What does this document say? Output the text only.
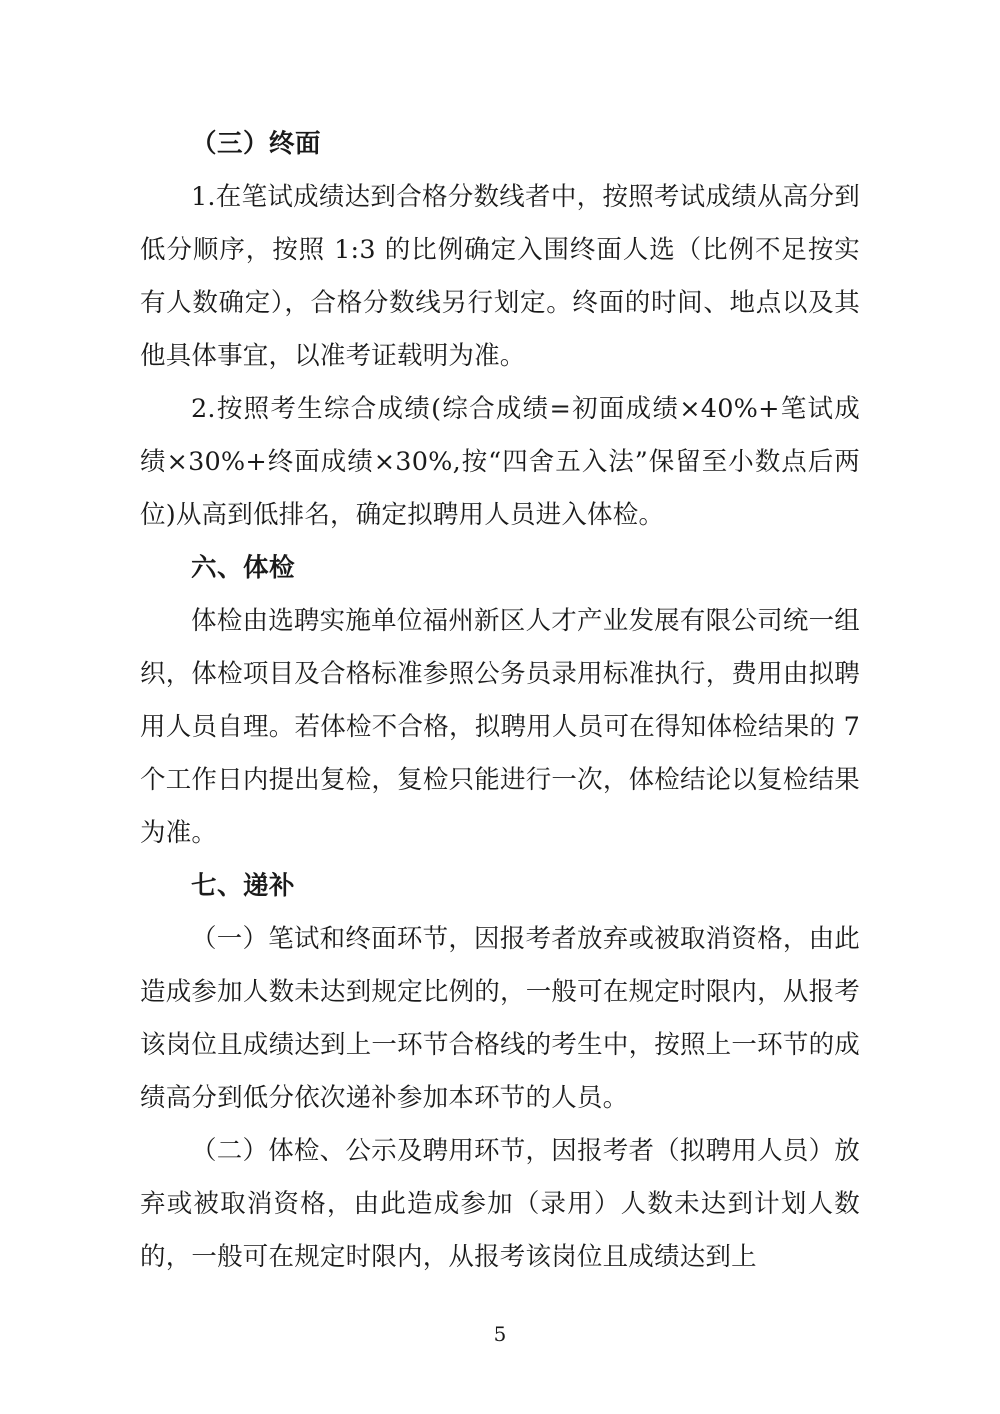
（三）终面

1.在笔试成绩达到合格分数线者中，按照考试成绩从高分到低分顺序，按照 1:3 的比例确定入围终面人选（比例不足按实有人数确定），合格分数线另行划定。终面的时间、地点以及其他具体事宜，以准考证载明为准。

2.按照考生综合成绩(综合成绩=初面成绩×40%+笔试成绩×30%+终面成绩×30%,按“四舍五入法”保留至小数点后两位)从高到低排名，确定拟聘用人员进入体检。

六、体检

体检由选聘实施单位福州新区人才产业发展有限公司统一组织，体检项目及合格标准参照公务员录用标准执行，费用由拟聘用人员自理。若体检不合格，拟聘用人员可在得知体检结果的 7 个工作日内提出复检，复检只能进行一次，体检结论以复检结果为准。

七、递补

（一）笔试和终面环节，因报考者放弃或被取消资格，由此造成参加人数未达到规定比例的，一般可在规定时限内，从报考该岗位且成绩达到上一环节合格线的考生中，按照上一环节的成绩高分到低分依次递补参加本环节的人员。

（二）体检、公示及聘用环节，因报考者（拟聘用人员）放弃或被取消资格，由此造成参加（录用）人数未达到计划人数的，一般可在规定时限内，从报考该岗位且成绩达到上

5
